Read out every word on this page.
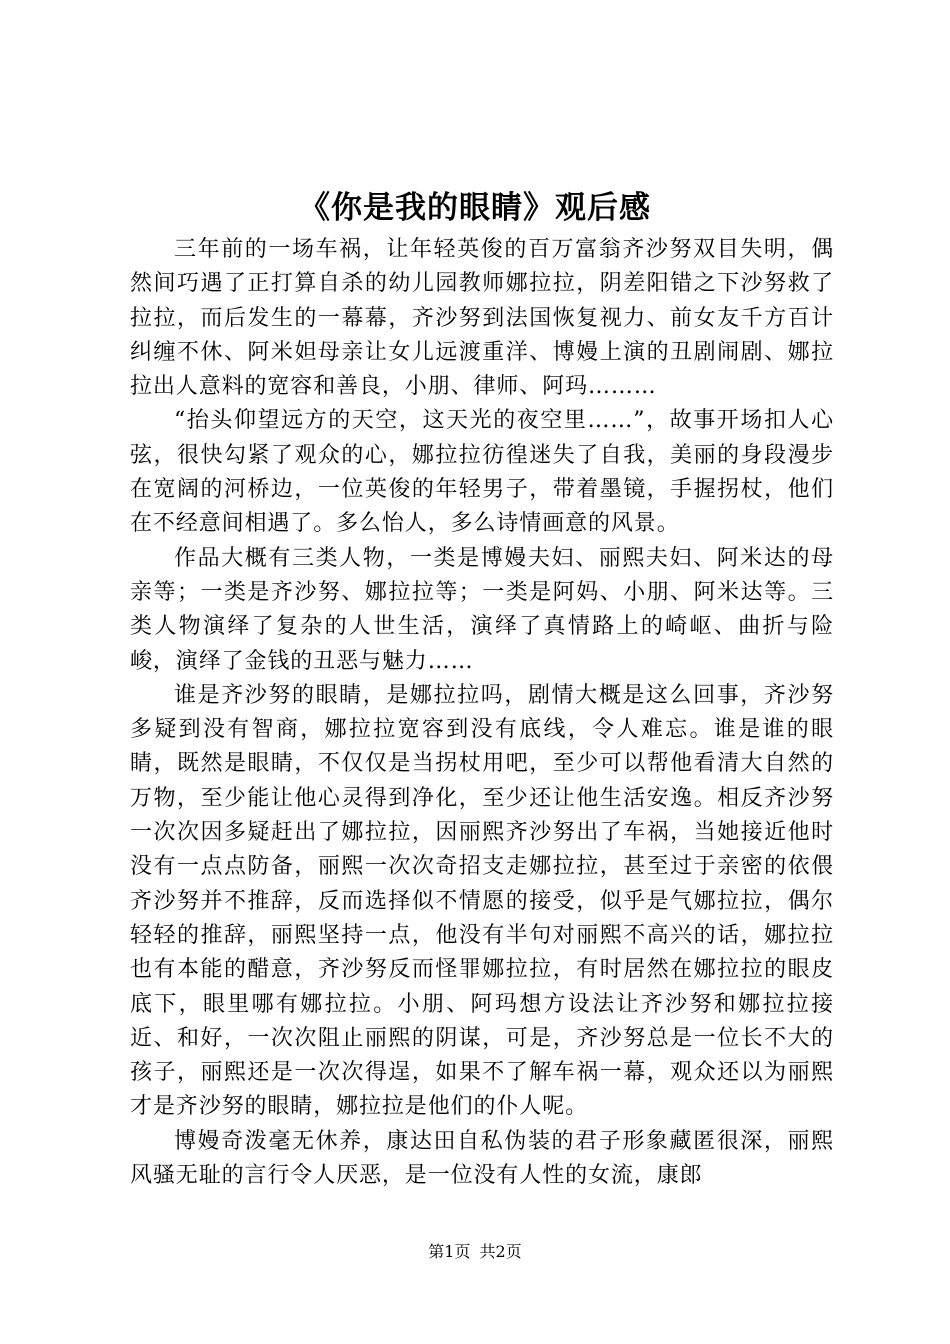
《你是我的眼睛》观后感

三年前的一场车祸，让年轻英俊的百万富翁齐沙努双目失明，偶然间巧遇了正打算自杀的幼儿园教师娜拉拉，阴差阳错之下沙努救了拉拉，而后发生的一幕幕，齐沙努到法国恢复视力、前女友千方百计纠缠不休、阿米妲母亲让女儿远渡重洋、博嫚上演的丑剧闹剧、娜拉拉出人意料的宽容和善良，小朋、律师、阿玛………

“抬头仰望远方的天空，这天光的夜空里……”，故事开场扣人心弦，很快勾紧了观众的心，娜拉拉彷徨迷失了自我，美丽的身段漫步在宽阔的河桥边，一位英俊的年轻男子，带着墨镜，手握拐杖，他们在不经意间相遇了。多么怡人，多么诗情画意的风景。

作品大概有三类人物，一类是博嫚夫妇、丽熙夫妇、阿米达的母亲等；一类是齐沙努、娜拉拉等；一类是阿妈、小朋、阿米达等。三类人物演绎了复杂的人世生活，演绎了真情路上的崎岖、曲折与险峻，演绎了金钱的丑恶与魅力……

谁是齐沙努的眼睛，是娜拉拉吗，剧情大概是这么回事，齐沙努多疑到没有智商，娜拉拉宽容到没有底线，令人难忘。谁是谁的眼睛，既然是眼睛，不仅仅是当拐杖用吧，至少可以帮他看清大自然的万物，至少能让他心灵得到净化，至少还让他生活安逸。相反齐沙努一次次因多疑赶出了娜拉拉，因丽熙齐沙努出了车祸，当她接近他时没有一点点防备，丽熙一次次奇招支走娜拉拉，甚至过于亲密的依偎齐沙努并不推辞，反而选择似不情愿的接受，似乎是气娜拉拉，偶尔轻轻的推辞，丽熙坚持一点，他没有半句对丽熙不高兴的话，娜拉拉也有本能的醋意，齐沙努反而怪罪娜拉拉，有时居然在娜拉拉的眼皮底下，眼里哪有娜拉拉。小朋、阿玛想方设法让齐沙努和娜拉拉接近、和好，一次次阻止丽熙的阴谋，可是，齐沙努总是一位长不大的孩子，丽熙还是一次次得逞，如果不了解车祸一幕，观众还以为丽熙才是齐沙努的眼睛，娜拉拉是他们的仆人呢。

博嫚奇泼毫无休养，康达田自私伪装的君子形象藏匿很深，丽熙风骚无耻的言行令人厌恶，是一位没有人性的女流，康郎

第1页 共2页
